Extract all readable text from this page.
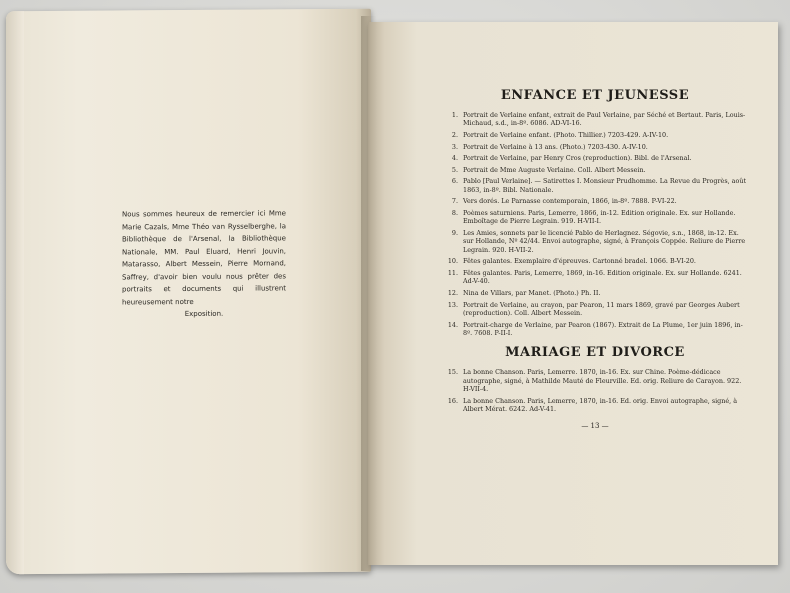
Nous sommes heureux de remercier ici Mme Marie Cazals, Mme Théo van Rysselberghe, la Bibliothèque de l'Arsenal, la Bibliothèque Nationale, MM. Paul Eluard, Henri Jouvin, Matarasso, Albert Messein, Pierre Mornand, Saffrey, d'avoir bien voulu nous prêter des portraits et documents qui illustrent heureusement notre
Exposition.
ENFANCE ET JEUNESSE
1. Portrait de Verlaine enfant, extrait de Paul Verlaine, par Séché et Bertaut. Paris, Louis-Michaud, s.d., in-8º. 6086. AD-VI-16.
2. Portrait de Verlaine enfant. (Photo. Thillier.) 7203-429. A-IV-10.
3. Portrait de Verlaine à 13 ans. (Photo.) 7203-430. A-IV-10.
4. Portrait de Verlaine, par Henry Cros (reproduction). Bibl. de l'Arsenal.
5. Portrait de Mme Auguste Verlaine. Coll. Albert Messein.
6. Pablo [Paul Verlaine]. — Satirettes I. Monsieur Prudhomme. La Revue du Progrès, août 1863, in-8º. Bibl. Nationale.
7. Vers dorés. Le Parnasse contemporain, 1866, in-8º. 7888. P-VI-22.
8. Poèmes saturniens. Paris, Lemerre, 1866, in-12. Edition originale. Ex. sur Hollande. Emboîtage de Pierre Legrain. 919. H-VII-I.
9. Les Amies, sonnets par le licencié Pablo de Herlagnez. Ségovie, s.n., 1868, in-12. Ex. sur Hollande, Nº 42/44. Envoi autographe, signé, à François Coppée. Reliure de Pierre Legrain. 920. H-VII-2.
10. Fêtes galantes. Exemplaire d'épreuves. Cartonné bradel. 1066. B-VI-20.
11. Fêtes galantes. Paris, Lemerre, 1869, in-16. Edition originale. Ex. sur Hollande. 6241. Ad-V-40.
12. Nina de Villars, par Manet. (Photo.) Ph. II.
13. Portrait de Verlaine, au crayon, par Pearon, 11 mars 1869, gravé par Georges Aubert (reproduction). Coll. Albert Messein.
14. Portrait-charge de Verlaine, par Pearon (1867). Extrait de La Plume, 1er juin 1896, in-8º. 7608. P-II-I.
MARIAGE ET DIVORCE
15. La bonne Chanson. Paris, Lemerre. 1870, in-16. Ex. sur Chine. Poème-dédicace autographe, signé, à Mathilde Mauté de Fleurville. Ed. orig. Reliure de Carayon. 922. H-VII-4.
16. La bonne Chanson. Paris, Lemerre, 1870, in-16. Ed. orig. Envoi autographe, signé, à Albert Mérat. 6242. Ad-V-41.
— 13 —
